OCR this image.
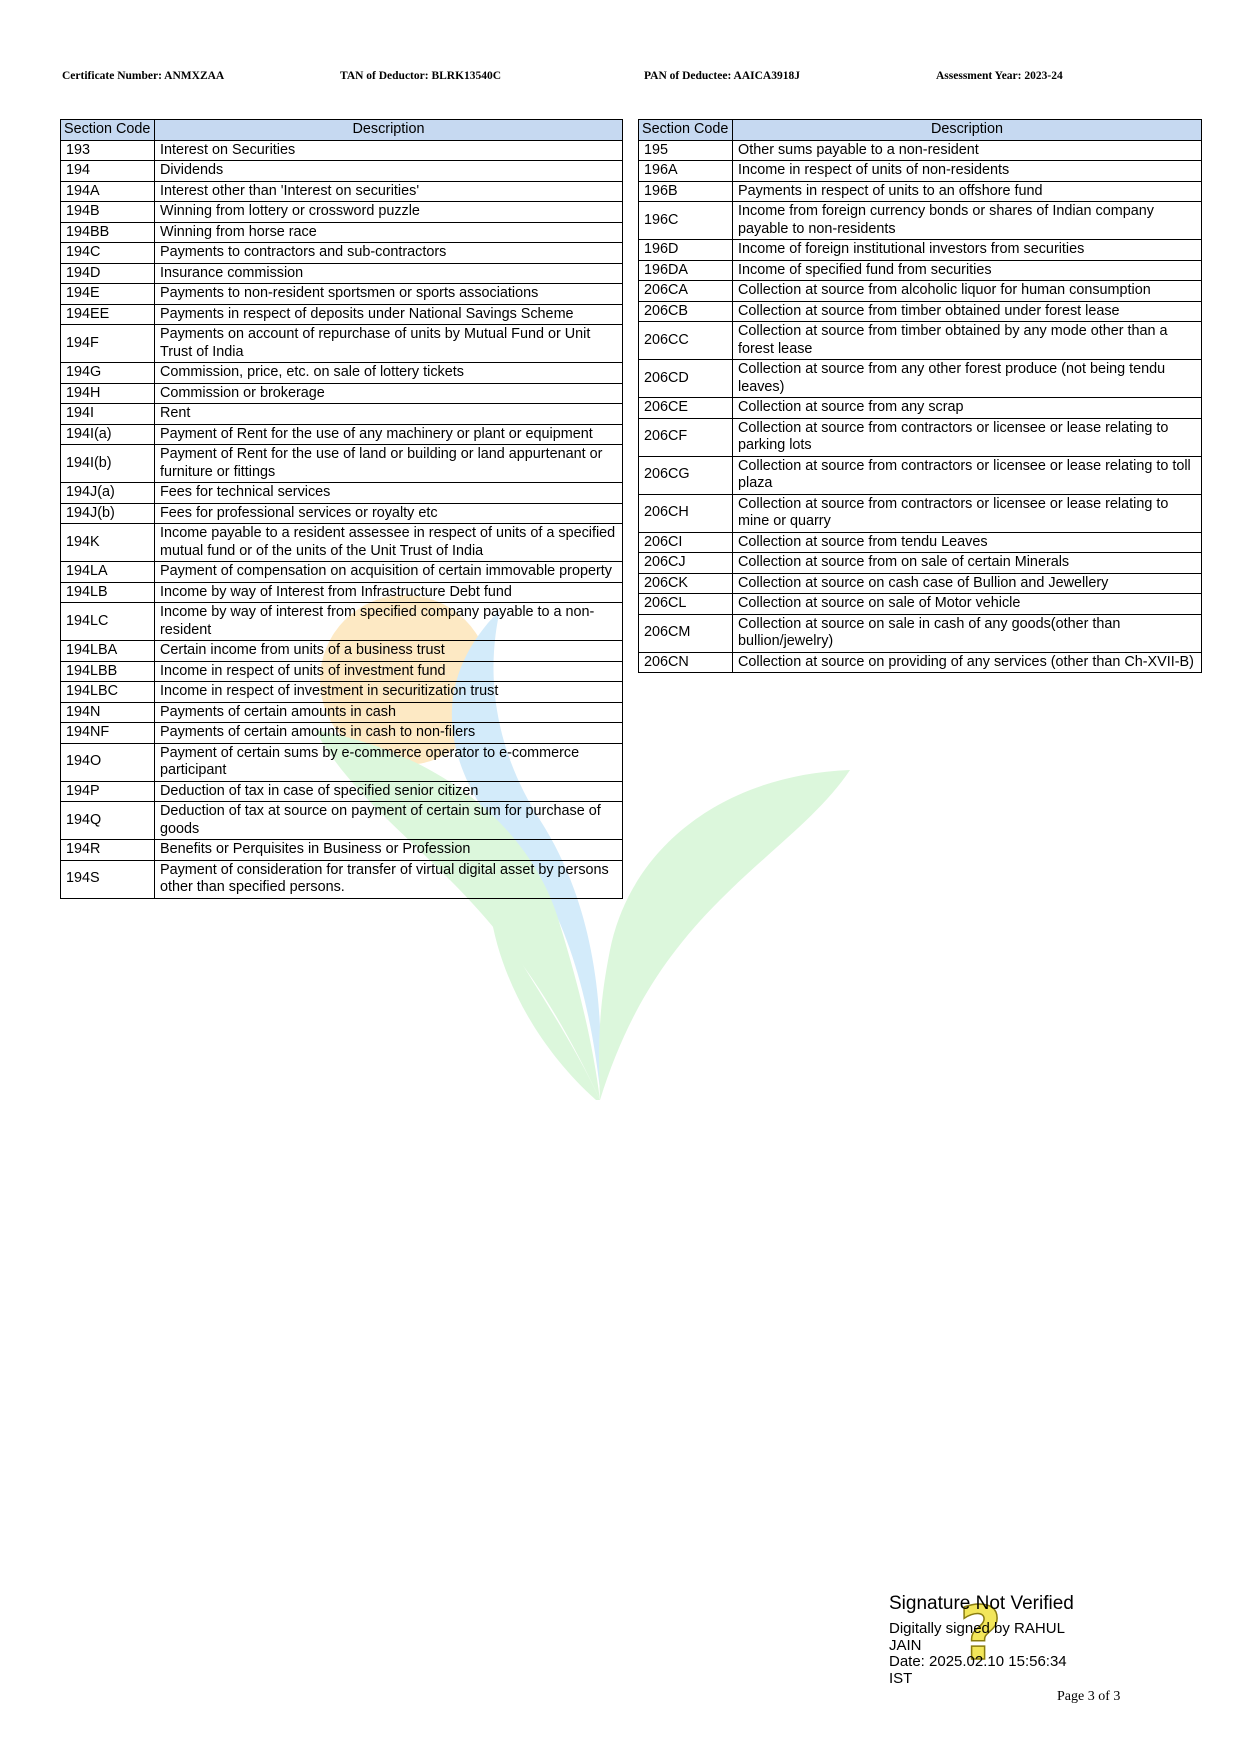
Certificate Number: ANMXZAA	TAN of Deductor: BLRK13540C	PAN of Deductee: AAICA3918J	Assessment Year: 2023-24
Section Code	Description
193	Interest on Securities
194	Dividends
194A	Interest other than 'Interest on securities'
194B	Winning from lottery or crossword puzzle
194BB	Winning from horse race
194C	Payments to contractors and sub-contractors
194D	Insurance commission
194E	Payments to non-resident sportsmen or sports associations
194EE	Payments in respect of deposits under National Savings Scheme
194F	Payments on account of repurchase of units by Mutual Fund or Unit Trust of India
194G	Commission, price, etc. on sale of lottery tickets
194H	Commission or brokerage
194I	Rent
194I(a)	Payment of Rent for the use of any machinery or plant or equipment
194I(b)	Payment of Rent for the use of land or building or land appurtenant or furniture or fittings
194J(a)	Fees for technical services
194J(b)	Fees for professional services or royalty etc
194K	Income payable to a resident assessee in respect of units of a specified mutual fund or of the units of the Unit Trust of India
194LA	Payment of compensation on acquisition of certain immovable property
194LB	Income by way of Interest from Infrastructure Debt fund
194LC	Income by way of interest from specified company payable to a non-resident
194LBA	Certain income from units of a business trust
194LBB	Income in respect of units of investment fund
194LBC	Income in respect of investment in securitization trust
194N	Payments of certain amounts in cash
194NF	Payments of certain amounts in cash to non-filers
194O	Payment of certain sums by e-commerce operator to e-commerce participant
194P	Deduction of tax in case of specified senior citizen
194Q	Deduction of tax at source on payment of certain sum for purchase of goods
194R	Benefits or Perquisites in Business or Profession
194S	Payment of consideration for transfer of virtual digital asset by persons other than specified persons.
Section Code	Description
195	Other sums payable to a non-resident
196A	Income in respect of units of non-residents
196B	Payments in respect of units to an offshore fund
196C	Income from foreign currency bonds or shares of Indian company payable to non-residents
196D	Income of foreign institutional investors from securities
196DA	Income of specified fund from securities
206CA	Collection at source from alcoholic liquor for human consumption
206CB	Collection at source from timber obtained under forest lease
206CC	Collection at source from timber obtained by any mode other than a forest lease
206CD	Collection at source from any other forest produce (not being tendu leaves)
206CE	Collection at source from any scrap
206CF	Collection at source from contractors or licensee or lease relating to parking lots
206CG	Collection at source from contractors or licensee or lease relating to toll plaza
206CH	Collection at source from contractors or licensee or lease relating to mine or quarry
206CI	Collection at source from tendu Leaves
206CJ	Collection at source from on sale of certain Minerals
206CK	Collection at source on cash case of Bullion and Jewellery
206CL	Collection at source on sale of Motor vehicle
206CM	Collection at source on sale in cash of any goods(other than bullion/jewelry)
206CN	Collection at source on providing of any services (other than Ch-XVII-B)
?
Signature Not Verified
Digitally signed by RAHUL
JAIN
Date: 2025.02.10 15:56:34
IST
Page 3 of 3
